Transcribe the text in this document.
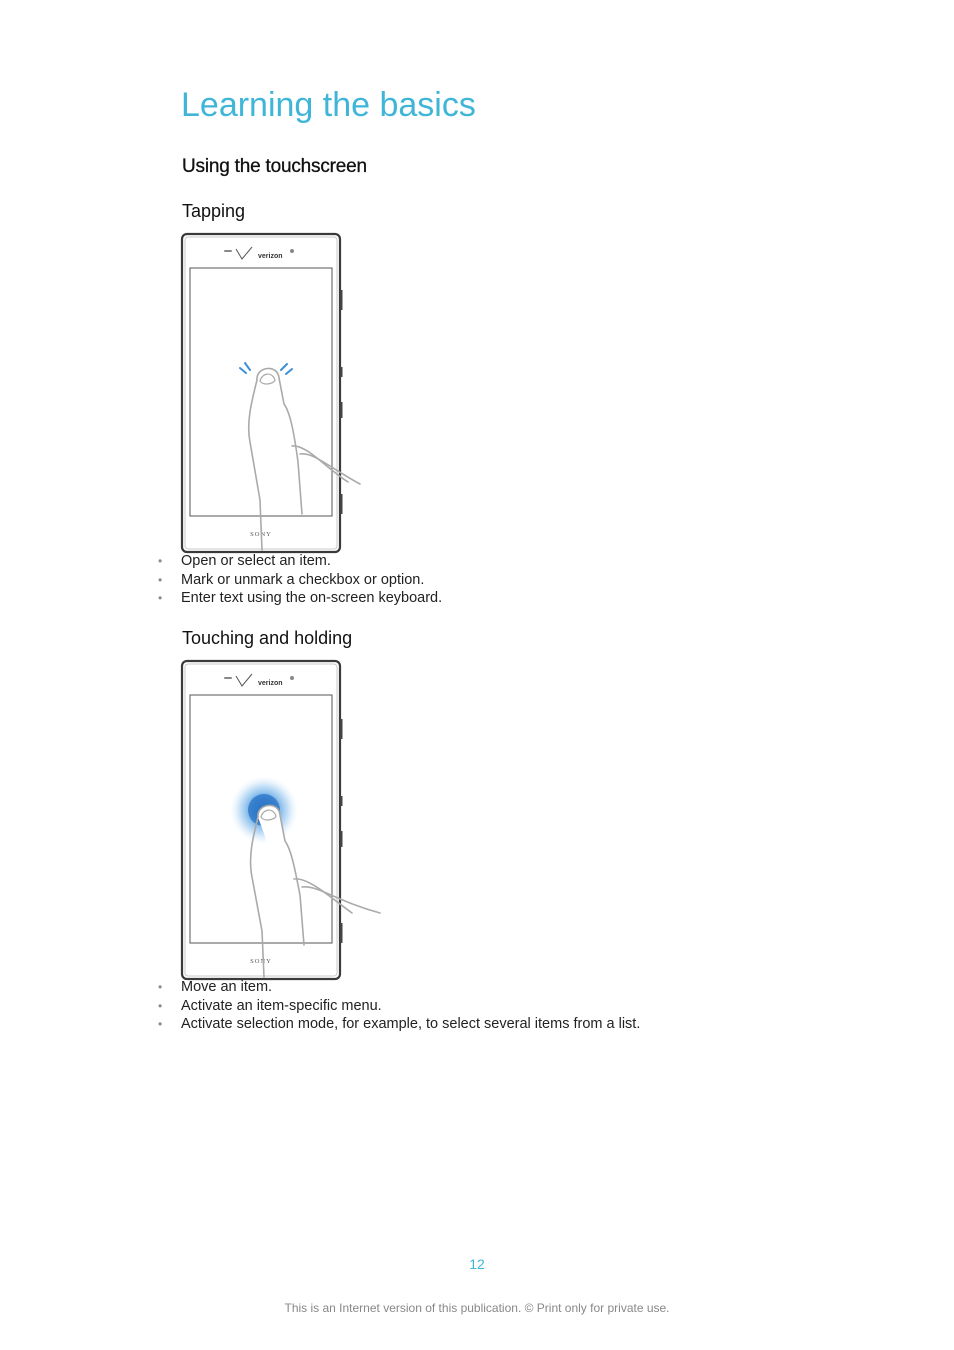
Learning the basics
Using the touchscreen
Tapping
verizon
SONY
•	Open or select an item.
•	Mark or unmark a checkbox or option.
•	Enter text using the on-screen keyboard.
Touching and holding
verizon
SONY
•	Move an item.
•	Activate an item-specific menu.
•	Activate selection mode, for example, to select several items from a list.
12
This is an Internet version of this publication. © Print only for private use.
